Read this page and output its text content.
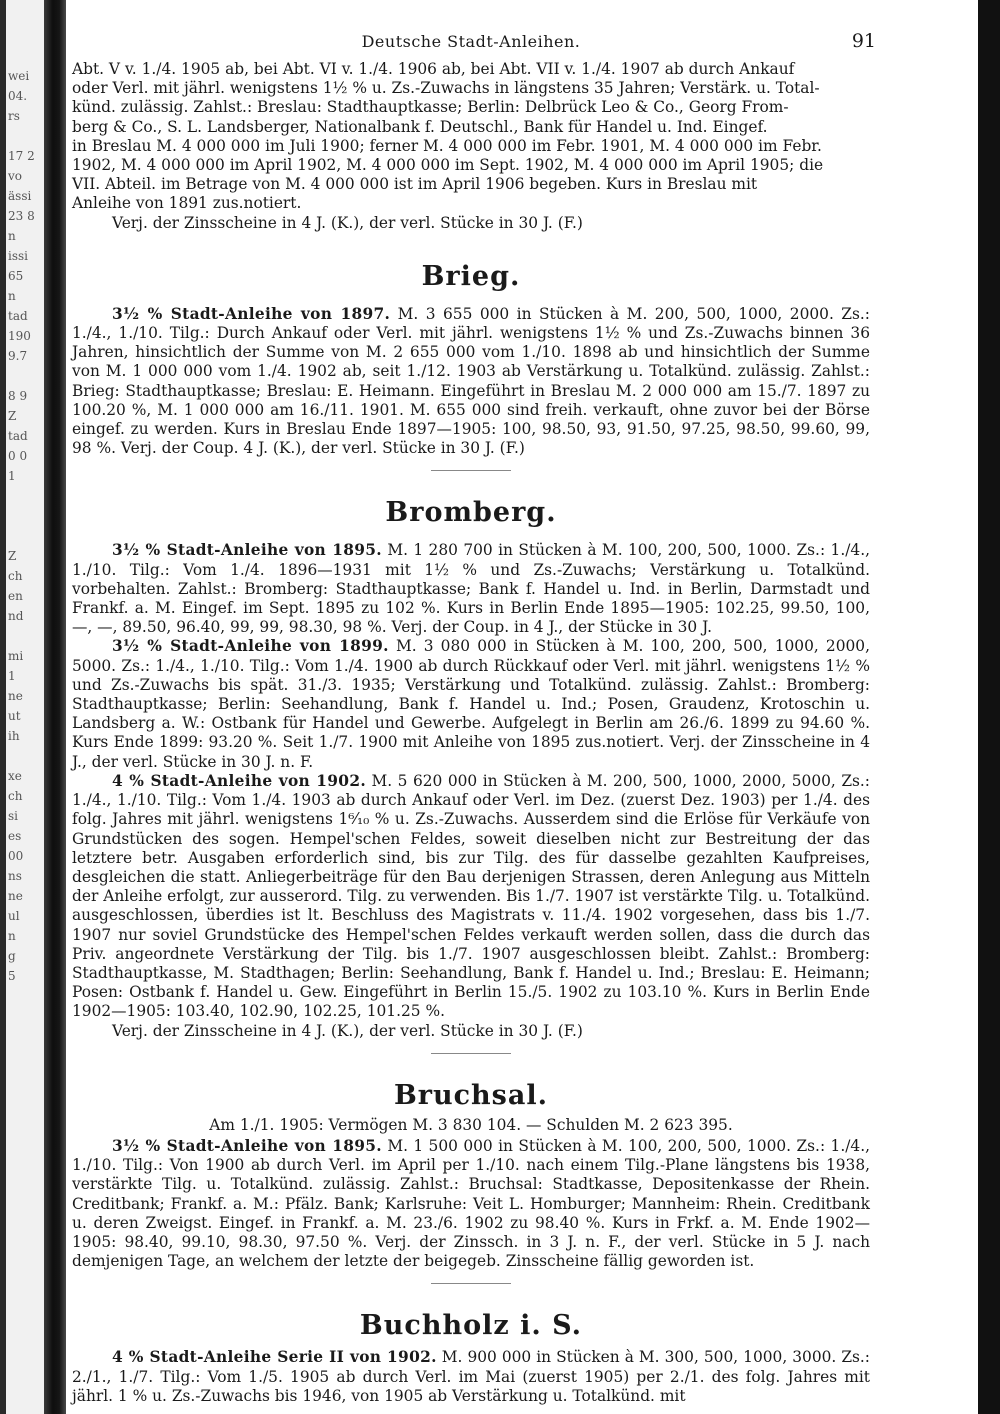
wei
04.
rs

17 2
vo
ässi
23 8
n
issi
65
n
tad
190
9.7

8 9
Z
tad
0 0
1

Z
ch
en
nd

mi
1
ne
ut
ih

xe
ch
si
es
00
ns
ne
ul
n
g
5
Deutsche Stadt-Anleihen.	91

Abt. V v. 1./4. 1905 ab, bei Abt. VI v. 1./4. 1906 ab, bei Abt. VII v. 1./4. 1907 ab durch Ankauf

oder Verl. mit jährl. wenigstens 1½ % u. Zs.-Zuwachs in längstens 35 Jahren; Verstärk. u. Total-

künd. zulässig. Zahlst.: Breslau: Stadthauptkasse; Berlin: Delbrück Leo & Co., Georg From-

berg & Co., S. L. Landsberger, Nationalbank f. Deutschl., Bank für Handel u. Ind. Eingef.

in Breslau M. 4 000 000 im Juli 1900; ferner M. 4 000 000 im Febr. 1901, M. 4 000 000 im Febr.

1902, M. 4 000 000 im April 1902, M. 4 000 000 im Sept. 1902, M. 4 000 000 im April 1905; die

VII. Abteil. im Betrage von M. 4 000 000 ist im April 1906 begeben. Kurs in Breslau mit

Anleihe von 1891 zus.notiert.

Verj. der Zinsscheine in 4 J. (K.), der verl. Stücke in 30 J. (F.)

Brieg.

3½ % Stadt-Anleihe von 1897. M. 3 655 000 in Stücken à M. 200, 500, 1000, 2000. Zs.: 1./4., 1./10. Tilg.: Durch Ankauf oder Verl. mit jährl. wenigstens 1½ % und Zs.-Zuwachs binnen 36 Jahren, hinsichtlich der Summe von M. 2 655 000 vom 1./10. 1898 ab und hinsichtlich der Summe von M. 1 000 000 vom 1./4. 1902 ab, seit 1./12. 1903 ab Verstärkung u. Totalkünd. zulässig. Zahlst.: Brieg: Stadthauptkasse; Breslau: E. Heimann. Eingeführt in Breslau M. 2 000 000 am 15./7. 1897 zu 100.20 %, M. 1 000 000 am 16./11. 1901. M. 655 000 sind freih. verkauft, ohne zuvor bei der Börse eingef. zu werden. Kurs in Breslau Ende 1897—1905: 100, 98.50, 93, 91.50, 97.25, 98.50, 99.60, 99, 98 %. Verj. der Coup. 4 J. (K.), der verl. Stücke in 30 J. (F.)

Bromberg.

3½ % Stadt-Anleihe von 1895. M. 1 280 700 in Stücken à M. 100, 200, 500, 1000. Zs.: 1./4., 1./10. Tilg.: Vom 1./4. 1896—1931 mit 1½ % und Zs.-Zuwachs; Verstärkung u. Totalkünd. vorbehalten. Zahlst.: Bromberg: Stadthauptkasse; Bank f. Handel u. Ind. in Berlin, Darmstadt und Frankf. a. M. Eingef. im Sept. 1895 zu 102 %. Kurs in Berlin Ende 1895—1905: 102.25, 99.50, 100, —, —, 89.50, 96.40, 99, 99, 98.30, 98 %. Verj. der Coup. in 4 J., der Stücke in 30 J.

3½ % Stadt-Anleihe von 1899. M. 3 080 000 in Stücken à M. 100, 200, 500, 1000, 2000, 5000. Zs.: 1./4., 1./10. Tilg.: Vom 1./4. 1900 ab durch Rückkauf oder Verl. mit jährl. wenigstens 1½ % und Zs.-Zuwachs bis spät. 31./3. 1935; Verstärkung und Totalkünd. zulässig. Zahlst.: Bromberg: Stadthauptkasse; Berlin: Seehandlung, Bank f. Handel u. Ind.; Posen, Graudenz, Krotoschin u. Landsberg a. W.: Ostbank für Handel und Gewerbe. Aufgelegt in Berlin am 26./6. 1899 zu 94.60 %. Kurs Ende 1899: 93.20 %. Seit 1./7. 1900 mit Anleihe von 1895 zus.notiert. Verj. der Zinsscheine in 4 J., der verl. Stücke in 30 J. n. F.

4 % Stadt-Anleihe von 1902. M. 5 620 000 in Stücken à M. 200, 500, 1000, 2000, 5000, Zs.: 1./4., 1./10. Tilg.: Vom 1./4. 1903 ab durch Ankauf oder Verl. im Dez. (zuerst Dez. 1903) per 1./4. des folg. Jahres mit jährl. wenigstens 1⁶⁄₁₀ % u. Zs.-Zuwachs. Ausserdem sind die Erlöse für Verkäufe von Grundstücken des sogen. Hempel'schen Feldes, soweit dieselben nicht zur Bestreitung der das letztere betr. Ausgaben erforderlich sind, bis zur Tilg. des für dasselbe gezahlten Kaufpreises, desgleichen die statt. Anliegerbeiträge für den Bau derjenigen Strassen, deren Anlegung aus Mitteln der Anleihe erfolgt, zur ausserord. Tilg. zu verwenden. Bis 1./7. 1907 ist verstärkte Tilg. u. Totalkünd. ausgeschlossen, überdies ist lt. Beschluss des Magistrats v. 11./4. 1902 vorgesehen, dass bis 1./7. 1907 nur soviel Grundstücke des Hempel'schen Feldes verkauft werden sollen, dass die durch das Priv. angeordnete Verstärkung der Tilg. bis 1./7. 1907 ausgeschlossen bleibt. Zahlst.: Bromberg: Stadthauptkasse, M. Stadthagen; Berlin: Seehandlung, Bank f. Handel u. Ind.; Breslau: E. Heimann; Posen: Ostbank f. Handel u. Gew. Eingeführt in Berlin 15./5. 1902 zu 103.10 %. Kurs in Berlin Ende 1902—1905: 103.40, 102.90, 102.25, 101.25 %.

Verj. der Zinsscheine in 4 J. (K.), der verl. Stücke in 30 J. (F.)

Bruchsal.

Am 1./1. 1905: Vermögen M. 3 830 104. — Schulden M. 2 623 395.

3½ % Stadt-Anleihe von 1895. M. 1 500 000 in Stücken à M. 100, 200, 500, 1000. Zs.: 1./4., 1./10. Tilg.: Von 1900 ab durch Verl. im April per 1./10. nach einem Tilg.-Plane längstens bis 1938, verstärkte Tilg. u. Totalkünd. zulässig. Zahlst.: Bruchsal: Stadtkasse, Depositenkasse der Rhein. Creditbank; Frankf. a. M.: Pfälz. Bank; Karlsruhe: Veit L. Homburger; Mannheim: Rhein. Creditbank u. deren Zweigst. Eingef. in Frankf. a. M. 23./6. 1902 zu 98.40 %. Kurs in Frkf. a. M. Ende 1902—1905: 98.40, 99.10, 98.30, 97.50 %. Verj. der Zinssch. in 3 J. n. F., der verl. Stücke in 5 J. nach demjenigen Tage, an welchem der letzte der beigegeb. Zinsscheine fällig geworden ist.

Buchholz i. S.

4 % Stadt-Anleihe Serie II von 1902. M. 900 000 in Stücken à M. 300, 500, 1000, 3000. Zs.: 2./1., 1./7. Tilg.: Vom 1./5. 1905 ab durch Verl. im Mai (zuerst 1905) per 2./1. des folg. Jahres mit jährl. 1 % u. Zs.-Zuwachs bis 1946, von 1905 ab Verstärkung u. Totalkünd. mit
